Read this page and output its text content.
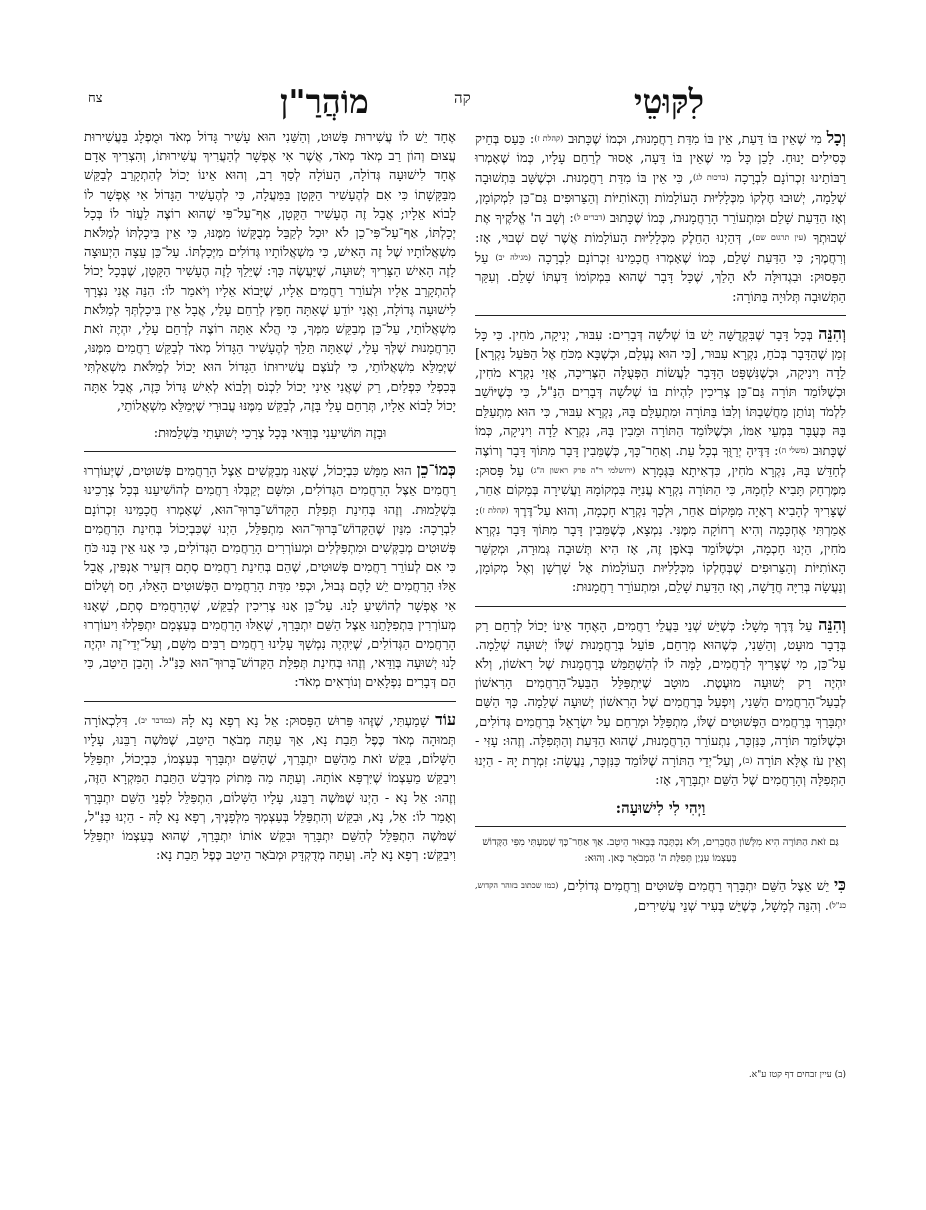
לִקּוּטֵי
קה
מוֹהֲרַ"ן
צח

וְכָל מִי שֶׁאֵין בּוֹ דַּעַת, אֵין בּוֹ מִדַּת רַחֲמָנוּת, וּכְמוֹ שֶׁכָּתוּב (קהלת ז): כַּעַס בְּחֵיק כְּסִילִים יָנוּחַ. לָכֵן כָּל מִי שֶׁאֵין בּוֹ דֵּעָה, אָסוּר לְרַחֵם עָלָיו, כְּמוֹ שֶׁאָמְרוּ רַבּוֹתֵינוּ זִכְרוֹנָם לִבְרָכָה (ברכות לג), כִּי אֵין בּוֹ מִדַּת רַחֲמָנוּת. וּכְשֶׁשָּׁב בִּתְשׁוּבָה שְׁלֵמָה, יְשׁוּבוּ חֶלְקוֹ מִכְּלָלִיּוּת הָעוֹלָמוֹת וְהָאוֹתִיּוֹת וְהַצֵּרוּפִים גַּם־כֵּן לִמְקוֹמָן, וְאָז הַדַּעַת שָׁלֵם וּמִתְעוֹרֵר הָרַחֲמָנוּת, כְּמוֹ שֶׁכָּתוּב (דברים ל): וְשָׁב ה' אֱלֹקֶיךָ אֶת שְׁבוּתְךָ (עין תרגום שם), דְּהַיְנוּ הַחֵלֶק מִכְּלָלִיּוּת הָעוֹלָמוֹת אֲשֶׁר שָׁם שְׁבוּי, אָז: וְרִחֲמֶךָ; כִּי הַדַּעַת שָׁלֵם, כְּמוֹ שֶׁאָמְרוּ חֲכָמֵינוּ זִכְרוֹנָם לִבְרָכָה (מגילה יב) עַל הַפָּסוּק: וּבִגְדוּלָּה לֹא הָלַךְ, שֶׁכָּל דָּבָר שֶׁהוּא בִּמְקוֹמוֹ דַּעְתּוֹ שָׁלֵם. וְעִקַּר הַתְּשׁוּבָה תְּלוּיָה בַּתּוֹרָה:

וְהִנֵּה בְּכָל דָּבָר שֶׁבִּקְדֻשָּׁה יֵשׁ בּוֹ שְׁלֹשָׁה דְּבָרִים: עִבּוּר, יְנִיקָה, מֹחִין. כִּי כָּל זְמַן שֶׁהַדָּבָר בְּכֹחַ, נִקְרָא עִבּוּר, [כִּי הוּא נֶעְלָם, וּכְשֶׁבָּא מִכֹּחַ אֶל הַפֹּעַל נִקְרָא] לֵדָה וִינִיקָה, וּכְשֶׁנִּשְׁפָּט הַדָּבָר לַעֲשׂוֹת הַפְּעֻלָּה הַצְּרִיכָה, אֲזַי נִקְרָא מֹחִין, וּכְשֶׁלּוֹמֵד תּוֹרָה גַּם־כֵּן צְרִיכִין לִהְיוֹת בּוֹ שְׁלֹשָׁה דְּבָרִים הַנַּ"ל, כִּי כְּשֶׁיּוֹשֵׁב לִלְמֹד וְנוֹתֵן מַחֲשַׁבְתּוֹ וְלִבּוֹ בַּתּוֹרָה וּמִתְעַלֵּם בָּהּ, נִקְרָא עִבּוּר, כִּי הוּא מִתְעַלֵּם בָּהּ כְּעֻבָּר בִּמְעֵי אִמּוֹ, וּכְשֶׁלּוֹמֵד הַתּוֹרָה וּמֵבִין בָּהּ, נִקְרָא לֵדָה וִינִיקָה, כְּמוֹ שֶׁכָּתוּב (משלי ה): דַּדֶּיהָ יְרַוֻּךָ בְכָל עֵת. וְאַחַר־כָּךְ, כְּשֶׁמֵּבִין דָּבָר מִתּוֹךְ דָּבָר וְרוֹצֶה לְחַדֵּשׁ בָּהּ, נִקְרָא מֹחִין, כִּדְאִיתָא בַּגְּמָרָא (ירושלמי ר"ה פרק ראשון ה"ג) עַל פָּסוּק: מִמֶּרְחָק תָּבִיא לַחְמָהּ, כִּי הַתּוֹרָה נִקְרָא עֲנִיָּה בִּמְקוֹמָהּ וַעֲשִׁירָה בְּמָקוֹם אַחֵר, שֶׁצָּרִיךְ לְהָבִיא רְאָיָה מִמָּקוֹם אַחֵר, וּלְכָךְ נִקְרָא חָכְמָה, וְהוּא עַל־דֶּרֶךְ (קהלת ז): אָמַרְתִּי אֶחְכָּמָה וְהִיא רְחוֹקָה מִמֶּנִּי. נִמְצָא, כְּשֶׁמֵּבִין דָּבָר מִתּוֹךְ דָּבָר נִקְרָא מֹחִין, הַיְנוּ חָכְמָה, וּכְשֶׁלּוֹמֵד בְּאֹפֶן זֶה, אָז הִיא תְּשׁוּבָה גְּמוּרָה, וּמְקַשֵּׁר הָאוֹתִיּוֹת וְהַצֵּרוּפִים שֶׁבְּחֶלְקוֹ מִכְּלָלִיּוּת הָעוֹלָמוֹת אֶל שָׁרְשָׁן וְאֶל מְקוֹמָן, וְנַעֲשָׂה בְּרִיָּה חֲדָשָׁה, וְאָז הַדַּעַת שָׁלֵם, וּמִתְעוֹרֵר רַחֲמָנוּת:

וְהִנֵּה עַל דֶּרֶךְ מָשָׁל: כְּשֶׁיֵּשׁ שְׁנֵי בַּעֲלֵי רַחֲמִים, הָאֶחָד אֵינוֹ יָכוֹל לְרַחֵם רַק בְּדָבָר מוּעָט, וְהַשֵּׁנִי, כְּשֶׁהוּא מְרַחֵם, פּוֹעֵל בְּרַחֲמָנוּת שֶׁלּוֹ יְשׁוּעָה שְׁלֵמָה. עַל־כֵּן, מִי שֶׁצָּרִיךְ לְרַחֲמִים, לָמָּה לוֹ לְהִשְׁתַּמֵּשׁ בְּרַחֲמָנוּת שֶׁל רִאשׁוֹן, וְלֹא יִהְיֶה רַק יְשׁוּעָה מוּעֶטֶת. מוּטָב שֶׁיִּתְפַּלֵּל הַבַּעַל־הָרַחֲמִים הָרִאשׁוֹן לְבַעַל־הָרַחֲמִים הַשֵּׁנִי, וְיִפְעַל בְּרַחֲמִים שֶׁל הָרִאשׁוֹן יְשׁוּעָה שְׁלֵמָה. כָּךְ הַשֵּׁם יִתְבָּרַךְ בְּרַחֲמִים הַפְּשׁוּטִים שֶׁלּוֹ, מִתְפַּלֵּל וּמְרַחֵם עַל יִשְׂרָאֵל בְּרַחֲמִים גְּדוֹלִים, וּכְשֶׁלּוֹמֵד תּוֹרָה, כַּנִּזְכָּר, נִתְעוֹרֵר הָרַחֲמָנוּת, שֶׁהוּא הַדַּעַת וְהַתְּפִלָּה. וְזֶהוּ: עָזִּי - וְאֵין עֹז אֶלָּא תּוֹרָה (ב), וְעַל־יְדֵי הַתּוֹרָה שֶׁלּוֹמֵד כַּנִּזְכָּר, נַעֲשָׂה: זִמְרָת יָהּ - הַיְנוּ הַתְּפִלָּה וְהָרַחֲמִים שֶׁל הַשֵּׁם יִתְבָּרַךְ, אָז:

וַיְהִי לִי לִישׁוּעָה:

גַּם זֹאת הַתּוֹרָה הִיא מִלְּשׁוֹן הַחֲבֵרִים, וְלֹא נִכְתְּבָה בְּבֵאוּר הֵיטֵב. אַךְ אַחַר־כָּךְ שָׁמַעְתִּי מִפִּי הַקָּדוֹשׁ בְּעַצְמוֹ עִנְיַן תְּפִלַּת ה' הַמְבֹאָר כָּאן. וְהוּא:

כִּי יֵשׁ אֵצֶל הַשֵּׁם יִתְבָּרַךְ רַחֲמִים פְּשׁוּטִים וְרַחֲמִים גְּדוֹלִים, (כמו שכתוב בזוהר הקדוש, כנ"ל). וְהִנֵּה לְמָשָׁל, כְּשֶׁיֵּשׁ בְּעִיר שְׁנֵי עֲשִׁירִים,

אֶחָד יֵשׁ לוֹ עֲשִׁירוּת פָּשׁוּט, וְהַשֵּׁנִי הוּא עָשִׁיר גָּדוֹל מְאֹד וּמֻפְלָג בַּעֲשִׁירוּת עֲצוּם וְהוֹן רַב מְאֹד מְאֹד, אֲשֶׁר אִי אֶפְשָׁר לְהַעֲרִיךְ עֲשִׁירוּתוֹ, וְהִצְרִיךְ אָדָם אֶחָד לִישׁוּעָה גְּדוֹלָה, הָעוֹלָה לְסַךְ רַב, וְהוּא אֵינוֹ יָכוֹל לְהִתְקָרֵב לְבַקֵּשׁ מִבַּקָּשָׁתוֹ כִּי אִם לְהֶעָשִׁיר הַקָּטָן בַּמַּעֲלָה, כִּי לְהֶעָשִׁיר הַגָּדוֹל אִי אֶפְשָׁר לוֹ לָבוֹא אֵלָיו; אֲבָל זֶה הֶעָשִׁיר הַקָּטָן, אַף־עַל־פִּי שֶׁהוּא רוֹצֶה לַעֲזֹר לוֹ בְּכָל יְכָלְתּוֹ, אַף־עַל־פִּי־כֵן לֹא יוּכַל לְקַבֵּל מְבֻקָּשׁוֹ מִמֶּנּוּ, כִּי אֵין בִּיכָלְתּוֹ לְמַלֹּאת מִשְׁאֲלוֹתָיו שֶׁל זֶה הָאִישׁ, כִּי מִשְׁאֲלוֹתָיו גְּדוֹלִים מִיְּכָלְתּוֹ. עַל־כֵּן עֵצָה הַיְעוּצָה לָזֶה הָאִישׁ הַצָּרִיךְ יְשׁוּעָה, שֶׁיַּעֲשֶׂה כָּךְ: שֶׁיֵּלֵךְ לָזֶה הֶעָשִׁיר הַקָּטָן, שֶׁבְּכָל יָכוֹל לְהִתְקָרֵב אֵלָיו וּלְעוֹרֵר רַחֲמִים אֵלָיו, שֶׁיָּבוֹא אֵלָיו וְיֹאמַר לוֹ: הִנֵּה אֲנִי נִצְרָךְ לִישׁוּעָה גְּדוֹלָה, וַאֲנִי יוֹדֵעַ שֶׁאַתָּה חָפֵץ לְרַחֵם עָלַי, אֲבָל אֵין בִּיכָלְתְּךָ לְמַלֹּאת מִשְׁאֲלוֹתַי, עַל־כֵּן מְבַקֵּשׁ מִמְּךָ, כִּי הֲלֹא אַתָּה רוֹצֶה לְרַחֵם עָלַי, יִהְיֶה זֹאת הָרַחֲמָנוּת שֶׁלְּךָ עָלַי, שֶׁאַתָּה תֵּלֵךְ לְהֶעָשִׁיר הַגָּדוֹל מְאֹד לְבַקֵּשׁ רַחֲמִים מִמֶּנּוּ, שֶׁיְּמַלֵּא מִשְׁאֲלוֹתַי, כִּי לְעֹצֶם עֲשִׁירוּתוֹ הַגָּדוֹל הוּא יָכוֹל לְמַלֹּאת מִשְׁאַלְתִּי בְּכִפְלֵי כִּפְלַיִם, רַק שֶׁאֲנִי אֵינִי יָכוֹל לִכְנֹס וְלָבוֹא לְאִישׁ גָּדוֹל כָּזֶה, אֲבָל אַתָּה יָכוֹל לָבוֹא אֵלָיו, תְּרַחֵם עָלַי בָּזֶה, לְבַקֵּשׁ מִמֶּנּוּ עֲבוּרִי שֶׁיְּמַלֵּא מִשְׁאֲלוֹתַי,

וּבָזֶה תּוֹשִׁיעֵנִי בְּוַדַּאי בְּכָל צְרָכַי יְשׁוּעָתִי בִּשְׁלֵמוּת:

כְּמוֹ־כֵן הוּא מַמָּשׁ כִּבְיָכוֹל, שֶׁאָנוּ מְבַקְּשִׁים אֵצֶל הָרַחֲמִים פְּשׁוּטִים, שֶׁיְּעוֹרְרוּ רַחֲמִים אֵצֶל הָרַחֲמִים הַגְּדוֹלִים, וּמִשָּׁם יְקַבְּלוּ רַחֲמִים לְהוֹשִׁיעֵנוּ בְּכָל צְרָכֵינוּ בִּשְׁלֵמוּת. וְזֶהוּ בְּחִינַת תְּפִלַּת הַקָּדוֹשׁ־בָּרוּךְ־הוּא, שֶׁאָמְרוּ חֲכָמֵינוּ זִכְרוֹנָם לִבְרָכָה: מִנַּיִן שֶׁהַקָּדוֹשׁ־בָּרוּךְ־הוּא מִתְפַּלֵּל, הַיְנוּ שֶׁכִּבְיָכוֹל בְּחִינַת הָרַחֲמִים פְּשׁוּטִים מְבַקְּשִׁים וּמִתְפַּלְּלִים וּמְעוֹרְרִים הָרַחֲמִים הַגְּדוֹלִים, כִּי אָנוּ אֵין בָּנוּ כֹּחַ כִּי אִם לְעוֹרֵר רַחֲמִים פְּשׁוּטִים, שֶׁהֵם בְּחִינַת רַחֲמִים סְתָם דִּזְעֵיר אַנְפִּין, אֲבָל אֵלּוּ הָרַחֲמִים יֵשׁ לָהֶם גְּבוּל, וּכְפִי מִדַּת הָרַחֲמִים הַפְּשׁוּטִים הָאֵלּוּ, חַס וְשָׁלוֹם אִי אֶפְשָׁר לְהוֹשִׁיעַ לָנוּ. עַל־כֵּן אָנוּ צְרִיכִין לְבַקֵּשׁ, שֶׁהָרַחֲמִים סְתָם, שֶׁאָנוּ מְעוֹרְרִין בִּתְפִלָּתֵנוּ אֵצֶל הַשֵּׁם יִתְבָּרַךְ, שֶׁאֵלּוּ הָרַחֲמִים בְּעַצְמָם יִתְפַּלְלוּ וִיעוֹרְרוּ הָרַחֲמִים הַגְּדוֹלִים, שֶׁיִּהְיֶה נִמְשָׁךְ עָלֵינוּ רַחֲמִים רַבִּים מִשָּׁם, וְעַל־יְדֵי־זֶה יִהְיֶה לָנוּ יְשׁוּעָה בְּוַדַּאי, וְזֶהוּ בְּחִינַת תְּפִלַּת הַקָּדוֹשׁ־בָּרוּךְ־הוּא כַּנַּ"ל. וְהָבֵן הֵיטֵב, כִּי הֵם דְּבָרִים נִפְלָאִים וְנוֹרָאִים מְאֹד:

עוֹד שָׁמַעְתִּי, שֶׁזֶּהוּ פֵּרוּשׁ הַפָּסוּק: אֵל נָא רְפָא נָא לָהּ (במדבר יב). דִּלִכְאוֹרָה תְּמוּהָה מְאֹד כֶּפֶל תֵּבַת נָא, אַךְ עַתָּה מְבֹאָר הֵיטֵב, שֶׁמֹּשֶׁה רַבֵּנוּ, עָלָיו הַשָּׁלוֹם, בִּקֵּשׁ זֹאת מֵהַשֵּׁם יִתְבָּרַךְ, שֶׁהַשֵּׁם יִתְבָּרַךְ בְּעַצְמוֹ, כִּבְיָכוֹל, יִתְפַּלֵּל וִיבַקֵּשׁ מֵעַצְמוֹ שֶׁיִּרְפָּא אוֹתָהּ. וְעַתָּה מַה מָּתוֹק מִדְּבַשׁ הַתֵּבַת הַמִּקְרָא הַזֶּה, וְזֶהוּ: אֵל נָא - הַיְנוּ שֶׁמֹּשֶׁה רַבֵּנוּ, עָלָיו הַשָּׁלוֹם, הִתְפַּלֵּל לִפְנֵי הַשֵּׁם יִתְבָּרַךְ וְאָמַר לוֹ: אֵל, נָא, וּבִקֵּשׁ וְהִתְפַּלֵּל בְּעַצְמְךָ מִלְּפָנֶיךָ, רְפָא נָא לָהּ - הַיְנוּ כַּנַּ"ל, שֶׁמֹּשֶׁה הִתְפַּלֵּל לְהַשֵּׁם יִתְבָּרַךְ וּבִקֵּשׁ אוֹתוֹ יִתְבָּרַךְ, שֶׁהוּא בְּעַצְמוֹ יִתְפַּלֵּל וִיבַקֵּשׁ: רְפָא נָא לָהּ. וְעַתָּה מְדֻקְדָּק וּמְבֹאָר הֵיטֵב כֶּפֶל תֵּבַת נָא:

(ב) עיין זבחים דף קטז ע"א.
